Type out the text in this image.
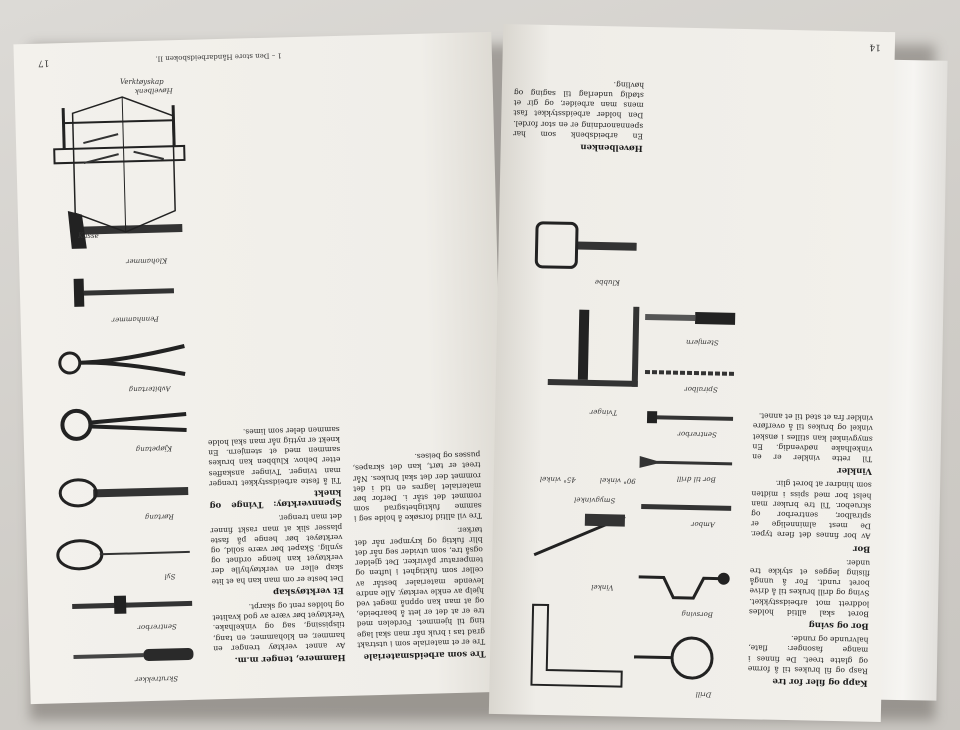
17	1 – Den store Håndarbeidsboken II.
Tre som arbeidsmateriale

Tre er et materiale som i utstrakt grad tas i bruk når man skal lage ting til hjemmet. Fordelen med tre er at det er lett å bearbeide, og at man kan oppnå meget ved hjelp av enkle verktøy. Alle andre levende materialer består av celler som fuktighet i luften og temperatur påvirker. Det gjelder også tre, som utvider seg når det blir fuktig og krymper når det tørker.

Tre vil alltid forsøke å holde seg i samme fuktighetsgrad som rommet det står i. Derfor bør materialet lagres en tid i det rommet der det skal brukes. Når treet er tørt, kan det skrapes, pusses og beises.

Hammere, tenger m.m.

Av annet verktøy trenger en hammer, en klohammer, en tang, tilspissing, sag og vinkelhake. Verktøyet bør være av god kvalitet og holdes rent og skarpt.

Et verktøyskap

Det beste er om man kan ha et lite skap eller en verktøyhylle der verktøyet kan henge ordnet og synlig. Skapet bør være solid, og verktøyet bør henge på faste plasser slik at man raskt finner det man trenger.

Spennverktøy: Tvinge og knekt

Til å feste arbeidsstykket trenger man tvinger. Tvinger anskaffes etter behov. Klubben kan brukes sammen med et stemjern. En knekt er nyttig når man skal holde sammen deler som limes.

Skrutrekker
Sentrerbor
Syl
Rørtang
Kjøpetang
Avbitertang
Pennhammer
Klohammer
Høvelbenk
Verktøyskap
Kasse
14
Kapp og filer for tre

Rasp og fil brukes til å forme og glatte treet. De finnes i mange fasonger: flate, halvrunde og runde.

Bor og sving

Boret skal alltid holdes loddrett mot arbeidsstykket. Sving og drill brukes til å drive boret rundt. For å unngå flising legges et stykke tre under.

Bor

Av bor finnes det flere typer. De mest alminnelige er spiralbor, sentrerbor og skruebor. Til tre bruker man helst bor med spiss i midten som hindrer at boret glir.

Vinkler

Til rette vinkler er en vinkelhake nødvendig. En smygvinkel kan stilles i ønsket vinkel og brukes til å overføre vinkler fra et sted til et annet.

Høvelbenken

En arbeidsbenk som har spennanordning er en stor fordel. Den holder arbeidsstykket fast mens man arbeider, og gir et stødig underlag til saging og høvling.

Drill
Borsving
Ambor
Bor til drill
Sentrerbor
Spiralbor
Stemjern
Tvinger
Klubbe
Vinkel
Smygvinkel
90° vinkel
45° vinkel
